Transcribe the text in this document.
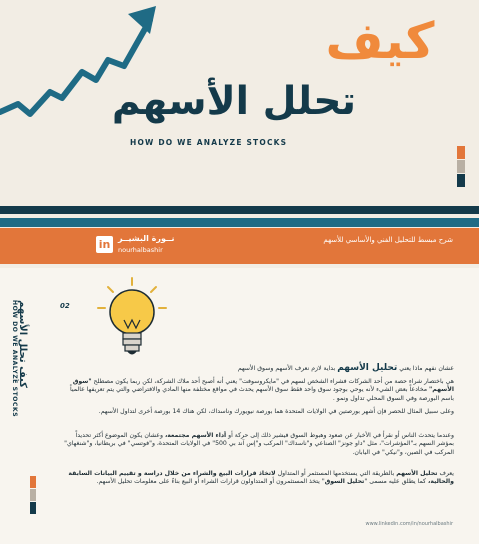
كيف
تحلل الأسهم
HOW DO WE ANALYZE STOCKS
in نــورة البشيــر
nourhalbashir
شرح مبسط للتحليل الفني والأساسي للأسهم
كيف تحلل الأسهم
HOW DO WE ANALYZE STOCKS	02
عشان نفهم ماذا يعني تحليل الأسهم بداية لازم نعرف الأسهم وسوق الأسهم
هي باختصار شراء حصة من أحد الشركات فشراء الشخص لسهم في "مايكروسوفت" يعني أنه أصبح أحد ملاك الشركة، لكن ربما يكون مصطلح "سوق الأسهم" مخادعاً بعض الشيء لأنه يوحي بوجود سوق واحد فقط سوق الأسهم يحدث في مواقع مختلفة منها المادي والافتراضي والتي يتم تعريفها عالمياً باسم البورصة وفي السوق المحلي تداول ونمو .
وعلى سبيل المثال للحصر فإن أشهر بورصتين في الولايات المتحدة هما بورصة نيويورك وناسداك، لكن هناك 14 بورصة أخرى لتداول الأسهم.
وعندما يتحدث الناس أو نقرأ في الأخبار عن صعود وهبوط السوق فيشير ذلك إلى حركة أو أداء الأسهم مجتمعة، وعشان يكون الموضوع أكثر تحديداً بمؤشر السهم بـ"المؤشرات"، مثل "داو جونز" الصناعي و"ناسداك" المركب و"إس آند بي 500" في الولايات المتحدة، و"فوتسي" في بريطانيا، و"شنغهاي" المركب في الصين، و"نيكي" في اليابان.
يعرف تحليل الأسهم بالطريقة التي يستخدمها المستثمر أو المتداول لاتخاذ قرارات البيع والشراء من خلال دراسة و تقييم البيانات السابقة والحالية، كما يطلق عليه مسمى "تحليل السوق" يتخذ المستثمرون أو المتداولون قرارات الشراء أو البيع بناءً على معلومات تحليل الأسهم.
www.linkedin.com/in/nourhalbashir
